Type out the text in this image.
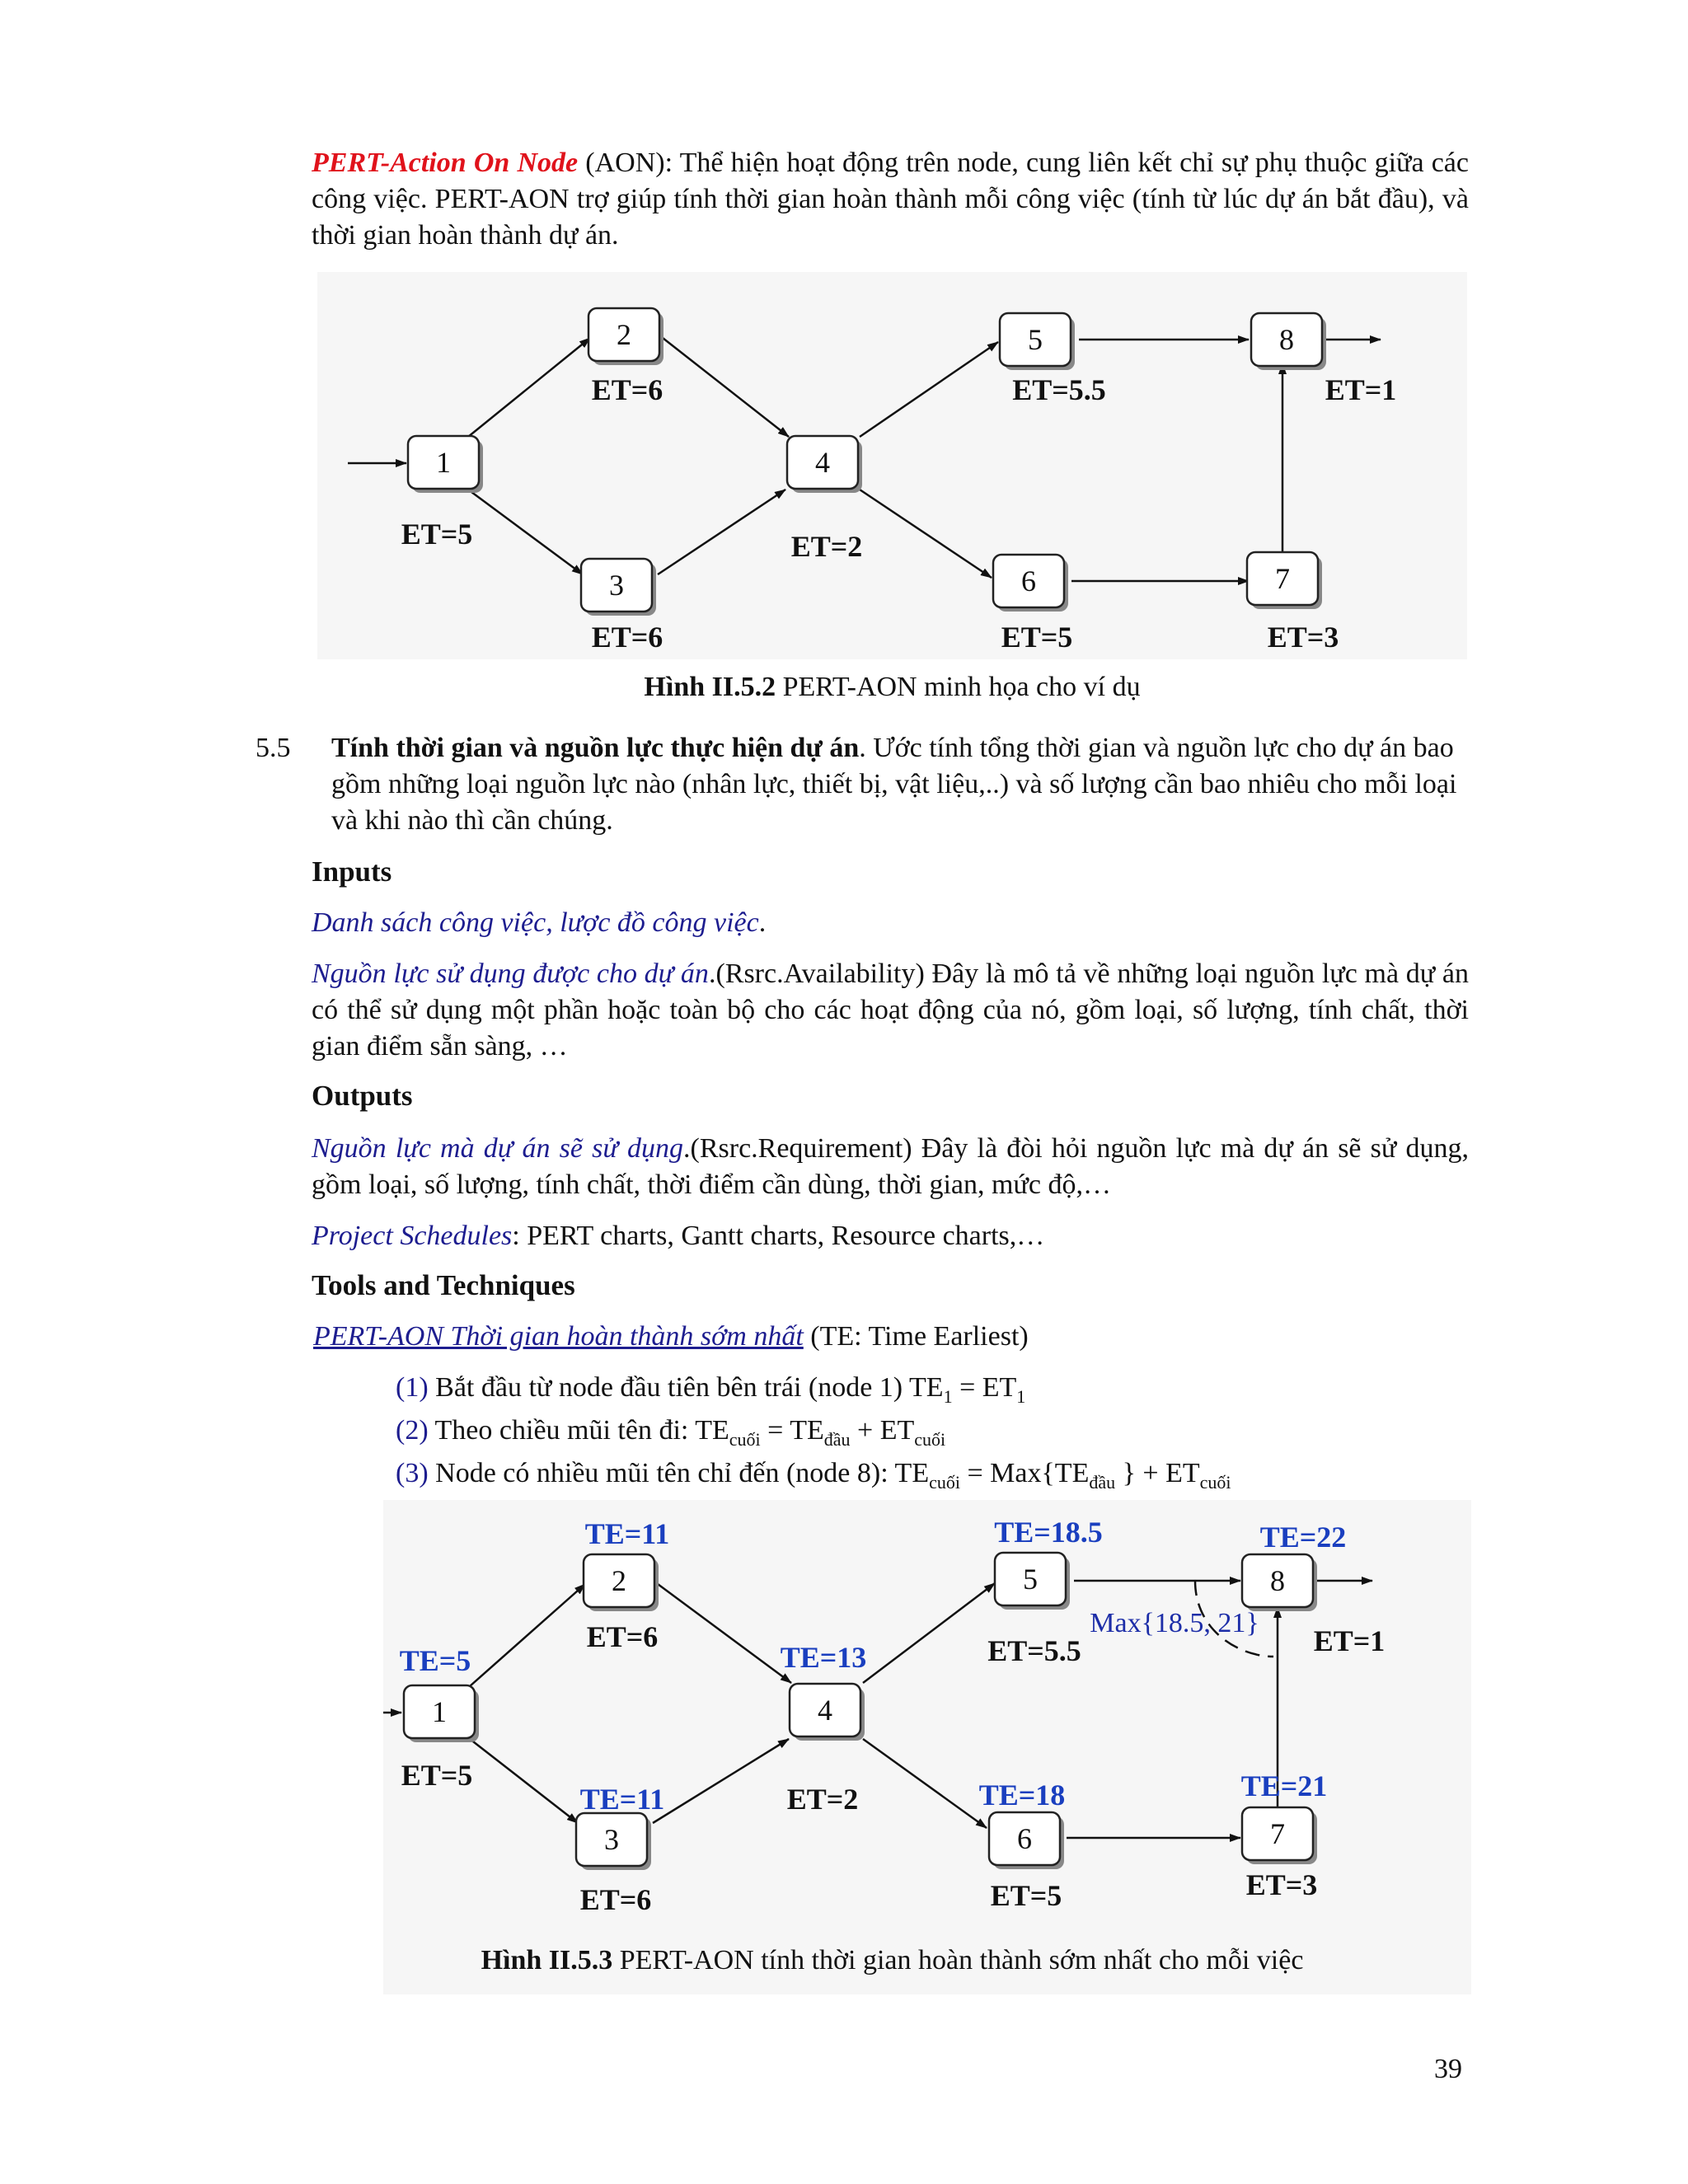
PERT-Action On Node (AON): Thể hiện hoạt động trên node, cung liên kết chỉ sự phụ thuộc giữa các công việc. PERT-AON trợ giúp tính thời gian hoàn thành mỗi công việc (tính từ lúc dự án bắt đầu), và thời gian hoàn thành dự án.
1
ET=5
2
ET=6
3
ET=6
4
ET=2
5
ET=5.5
6
ET=5
7
ET=3
8
ET=1
Hình II.5.2 PERT-AON minh họa cho ví dụ
5.5 Tính thời gian và nguồn lực thực hiện dự án. Ước tính tổng thời gian và nguồn lực cho dự án bao gồm những loại nguồn lực nào (nhân lực, thiết bị, vật liệu,..) và số lượng cần bao nhiêu cho mỗi loại và khi nào thì cần chúng.
Inputs
Danh sách công việc, lược đồ công việc.
Nguồn lực sử dụng được cho dự án.(Rsrc.Availability) Đây là mô tả về những loại nguồn lực mà dự án có thể sử dụng một phần hoặc toàn bộ cho các hoạt động của nó, gồm loại, số lượng, tính chất, thời gian điểm sẵn sàng, …
Outputs
Nguồn lực mà dự án sẽ sử dụng.(Rsrc.Requirement) Đây là đòi hỏi nguồn lực mà dự án sẽ sử dụng, gồm loại, số lượng, tính chất, thời điểm cần dùng, thời gian, mức độ,…
Project Schedules: PERT charts, Gantt charts, Resource charts,…
Tools and Techniques
PERT-AON Thời gian hoàn thành sớm nhất (TE: Time Earliest)
(1) Bắt đầu từ node đầu tiên bên trái (node 1) $TE_1 = ET_1$
(2) Theo chiều mũi tên đi: $TE_{cuối} = TE_{đầu} + ET_{cuối}$
(3) Node có nhiều mũi tên chỉ đến (node 8): $TE_{cuối} = Max\{TE_{đầu}$ } + $ET_{cuối}$
1
TE=5
ET=5
2
TE=11
ET=6
3
TE=11
ET=6
4
TE=13
ET=2
5
TE=18.5
ET=5.5
6
TE=18
ET=5
7
TE=21
ET=3
8
TE=22
ET=1
Max{18.5, 21}
Hình II.5.3 PERT-AON tính thời gian hoàn thành sớm nhất cho mỗi việc
39
